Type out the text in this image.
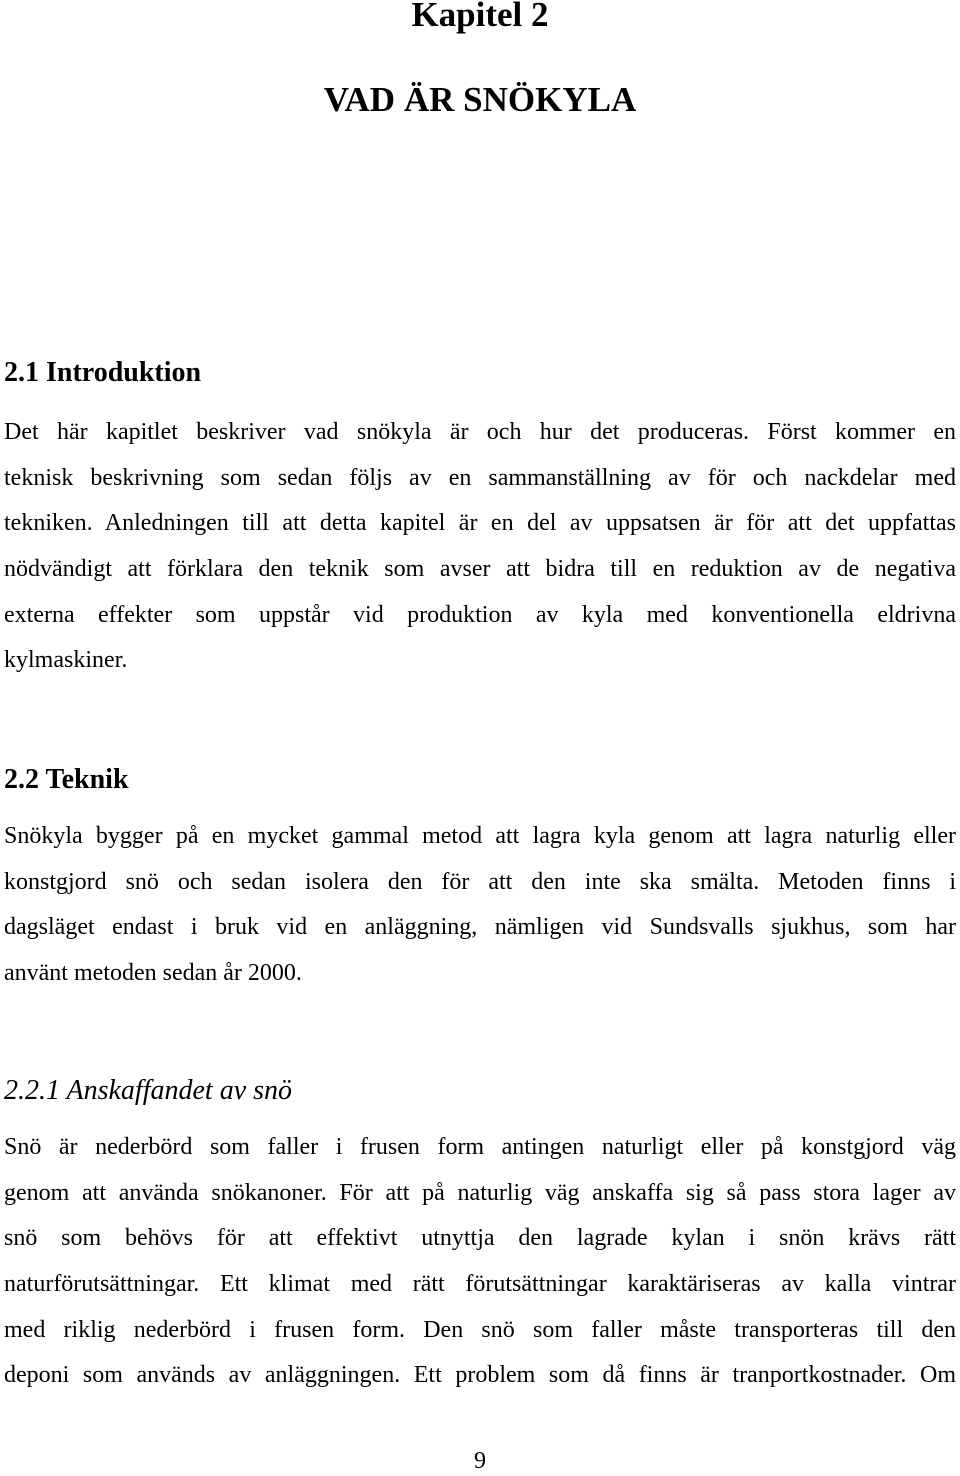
Kapitel 2
VAD ÄR SNÖKYLA
2.1 Introduktion
Det här kapitlet beskriver vad snökyla är och hur det produceras. Först kommer en
teknisk beskrivning som sedan följs av en sammanställning av för och nackdelar med
tekniken. Anledningen till att detta kapitel är en del av uppsatsen är för att det uppfattas
nödvändigt att förklara den teknik som avser att bidra till en reduktion av de negativa
externa effekter som uppstår vid produktion av kyla med konventionella eldrivna
kylmaskiner.
2.2 Teknik
Snökyla bygger på en mycket gammal metod att lagra kyla genom att lagra naturlig eller
konstgjord snö och sedan isolera den för att den inte ska smälta. Metoden finns i
dagsläget endast i bruk vid en anläggning, nämligen vid Sundsvalls sjukhus, som har
använt metoden sedan år 2000.
2.2.1 Anskaffandet av snö
Snö är nederbörd som faller i frusen form antingen naturligt eller på konstgjord väg
genom att använda snökanoner. För att på naturlig väg anskaffa sig så pass stora lager av
snö som behövs för att effektivt utnyttja den lagrade kylan i snön krävs rätt
naturförutsättningar. Ett klimat med rätt förutsättningar karaktäriseras av kalla vintrar
med riklig nederbörd i frusen form. Den snö som faller måste transporteras till den
deponi som används av anläggningen. Ett problem som då finns är tranportkostnader. Om
9
